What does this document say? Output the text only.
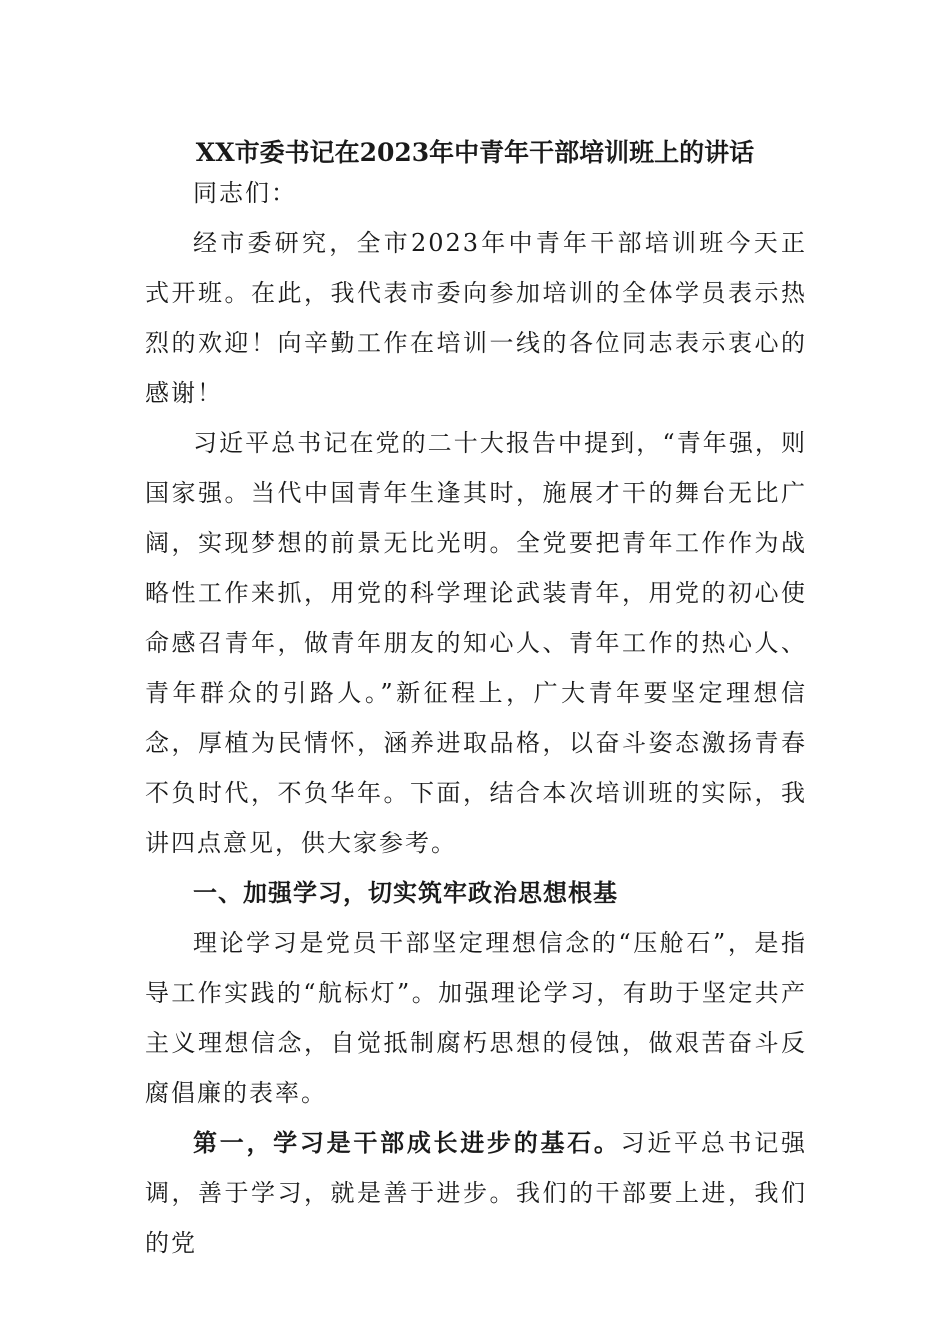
XX市委书记在2023年中青年干部培训班上的讲话

同志们：

经市委研究，全市2023年中青年干部培训班今天正式开班。在此，我代表市委向参加培训的全体学员表示热烈的欢迎！向辛勤工作在培训一线的各位同志表示衷心的感谢！

习近平总书记在党的二十大报告中提到，“青年强，则国家强。当代中国青年生逢其时，施展才干的舞台无比广阔，实现梦想的前景无比光明。全党要把青年工作作为战略性工作来抓，用党的科学理论武装青年，用党的初心使命感召青年，做青年朋友的知心人、青年工作的热心人、青年群众的引路人。”新征程上，广大青年要坚定理想信念，厚植为民情怀，涵养进取品格，以奋斗姿态激扬青春不负时代，不负华年。下面，结合本次培训班的实际，我讲四点意见，供大家参考。

一、加强学习，切实筑牢政治思想根基

理论学习是党员干部坚定理想信念的“压舱石”，是指导工作实践的“航标灯”。加强理论学习，有助于坚定共产主义理想信念，自觉抵制腐朽思想的侵蚀，做艰苦奋斗反腐倡廉的表率。

第一，学习是干部成长进步的基石。习近平总书记强调，善于学习，就是善于进步。我们的干部要上进，我们的党
